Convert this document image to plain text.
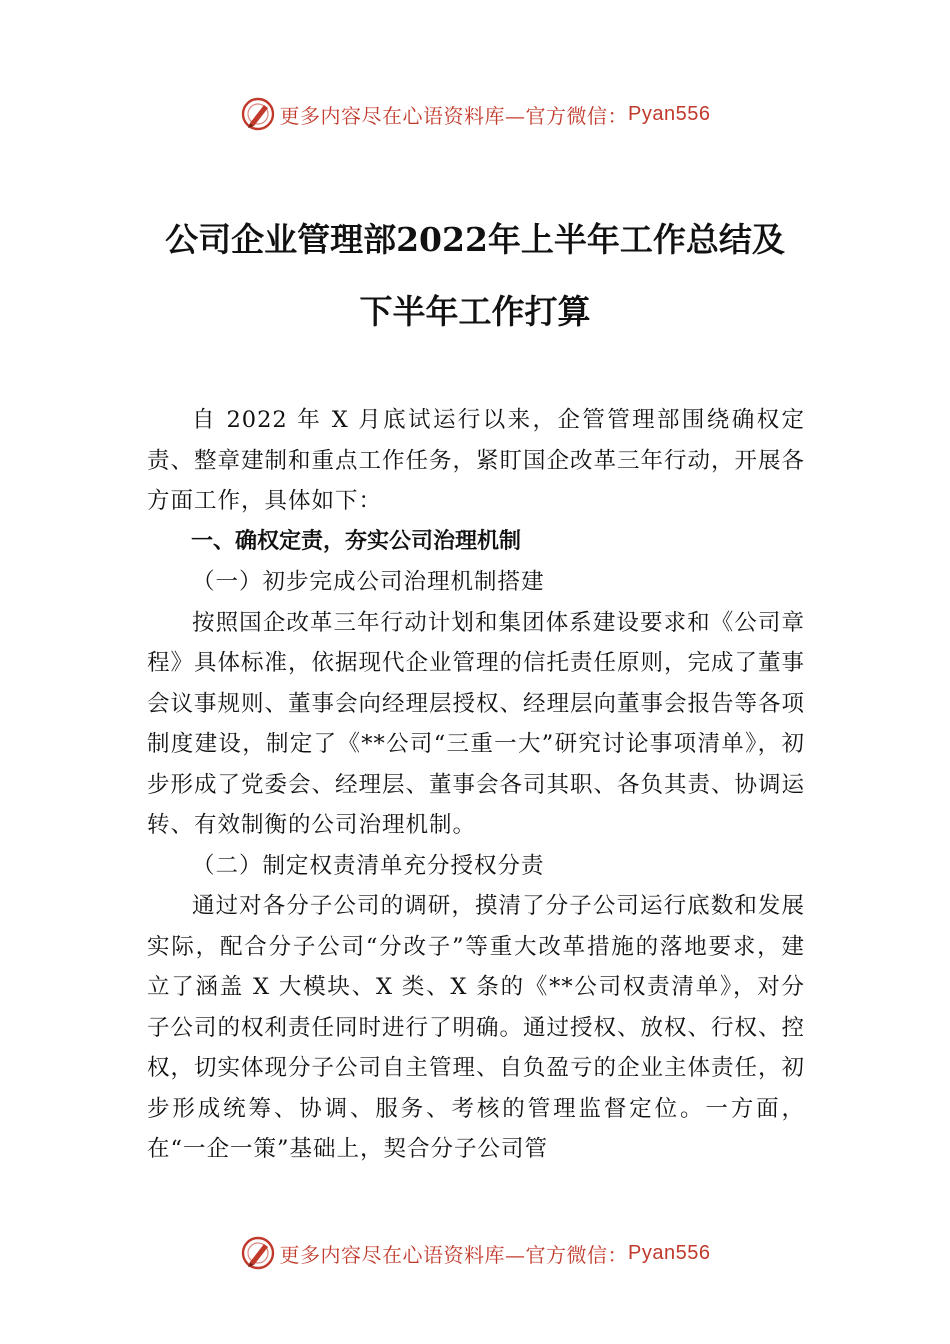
更多内容尽在心语资料库—官方微信： Pyan556
公司企业管理部2022年上半年工作总结及
下半年工作打算

自 2022 年 X 月底试运行以来，企管管理部围绕确权定责、整章建制和重点工作任务，紧盯国企改革三年行动，开展各方面工作，具体如下：

一、确权定责，夯实公司治理机制

（一）初步完成公司治理机制搭建

按照国企改革三年行动计划和集团体系建设要求和《公司章程》具体标准，依据现代企业管理的信托责任原则，完成了董事会议事规则、董事会向经理层授权、经理层向董事会报告等各项制度建设，制定了《**公司“三重一大”研究讨论事项清单》，初步形成了党委会、经理层、董事会各司其职、各负其责、协调运转、有效制衡的公司治理机制。

（二）制定权责清单充分授权分责

通过对各分子公司的调研，摸清了分子公司运行底数和发展实际，配合分子公司“分改子”等重大改革措施的落地要求，建立了涵盖 X 大模块、X 类、X 条的《**公司权责清单》，对分子公司的权利责任同时进行了明确。通过授权、放权、行权、控权，切实体现分子公司自主管理、自负盈亏的企业主体责任，初步形成统筹、协调、服务、考核的管理监督定位。一方面，在“一企一策”基础上，契合分子公司管

更多内容尽在心语资料库—官方微信： Pyan556
